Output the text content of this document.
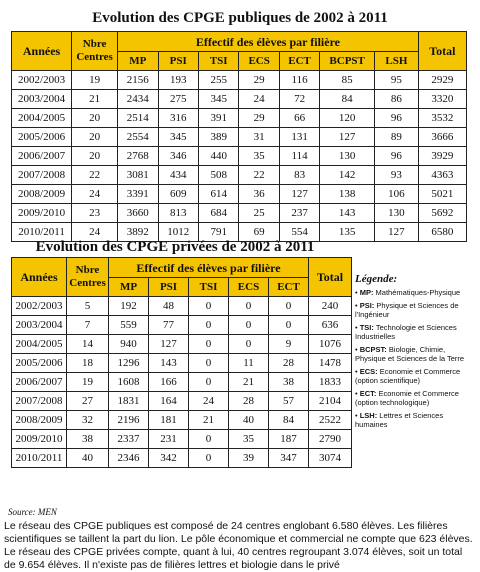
Evolution des CPGE publiques de 2002 à 2011
Années	Nbre
Centres	Effectif des élèves par filière							Total
		MP	PSI	TSI	ECS	ECT	BCPST	LSH	
2002/2003	19	2156	193	255	29	116	85	95	2929
2003/2004	21	2434	275	345	24	72	84	86	3320
2004/2005	20	2514	316	391	29	66	120	96	3532
2005/2006	20	2554	345	389	31	131	127	89	3666
2006/2007	20	2768	346	440	35	114	130	96	3929
2007/2008	22	3081	434	508	22	83	142	93	4363
2008/2009	24	3391	609	614	36	127	138	106	5021
2009/2010	23	3660	813	684	25	237	143	130	5692
2010/2011	24	3892	1012	791	69	554	135	127	6580
Evolution des CPGE privées de 2002 à 2011
Années	Nbre
Centres	Effectif des élèves par filière					Total
		MP	PSI	TSI	ECS	ECT	
2002/2003	5	192	48	0	0	0	240
2003/2004	7	559	77	0	0	0	636
2004/2005	14	940	127	0	0	9	1076
2005/2006	18	1296	143	0	11	28	1478
2006/2007	19	1608	166	0	21	38	1833
2007/2008	27	1831	164	24	28	57	2104
2008/2009	32	2196	181	21	40	84	2522
2009/2010	38	2337	231	0	35	187	2790
2010/2011	40	2346	342	0	39	347	3074
Légende:
• MP: Mathématiques-Physique
• PSI: Physique et Sciences de l'Ingénieur
• TSI: Technologie et Sciences Industrielles
• BCPST: Biologie, Chimie, Physique et Sciences de la Terre
• ECS: Economie et Commerce (option scientifique)
• ECT: Economie et Commerce (option technologique)
• LSH: Lettres et Sciences humaines
Source: MEN
Le réseau des CPGE publiques est composé de 24 centres englobant 6.580 élèves. Les filières scientifiques se taillent la part du lion. Le pôle économique et commercial ne compte que 623 élèves. Le réseau des CPGE privées compte, quant à lui, 40 centres regroupant 3.074 élèves, soit un total de 9.654 élèves. Il n'existe pas de filières lettres et biologie dans le privé
